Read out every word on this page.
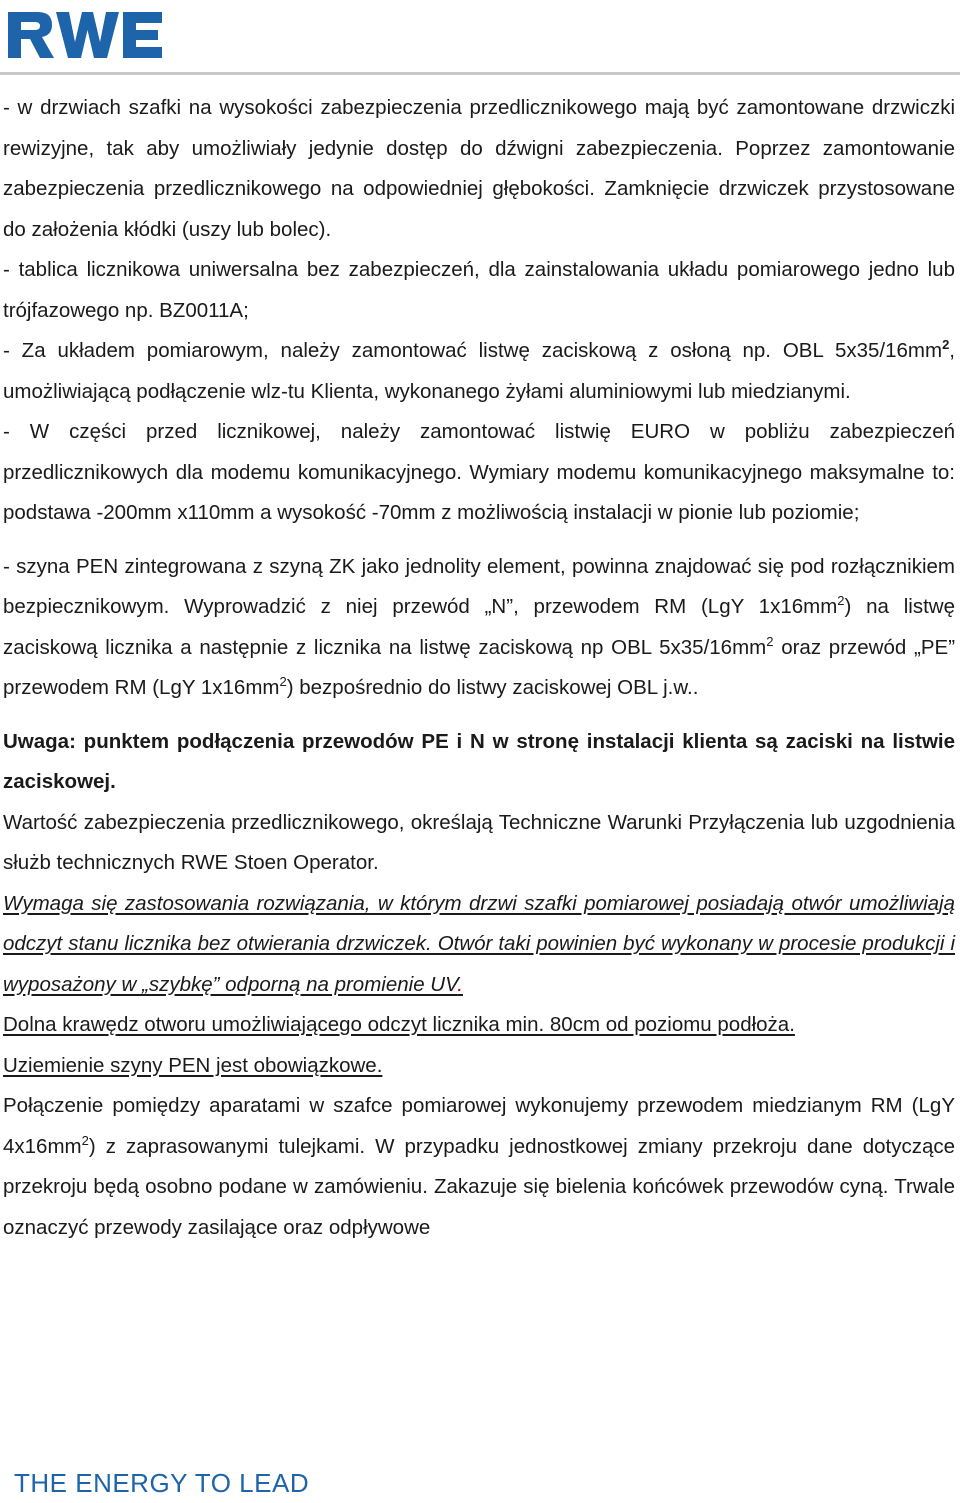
- w drzwiach szafki na wysokości zabezpieczenia przedlicznikowego mają być zamontowane drzwiczki rewizyjne, tak aby umożliwiały jedynie dostęp do dźwigni zabezpieczenia. Poprzez zamontowanie zabezpieczenia przedlicznikowego na odpowiedniej głębokości. Zamknięcie drzwiczek przystosowane do założenia kłódki (uszy lub bolec).

- tablica licznikowa uniwersalna bez zabezpieczeń, dla zainstalowania układu pomiarowego jedno lub trójfazowego np. BZ0011A;

- Za układem pomiarowym, należy zamontować listwę zaciskową z osłoną np. OBL $5x35/16mm^2$, umożliwiającą podłączenie wlz-tu Klienta, wykonanego żyłami aluminiowymi lub miedzianymi.

- W części przed licznikowej, należy zamontować listwię EURO w pobliżu zabezpieczeń przedlicznikowych dla modemu komunikacyjnego. Wymiary modemu komunikacyjnego maksymalne to: podstawa -200mm x110mm a wysokość -70mm z możliwością instalacji w pionie lub poziomie;

- szyna PEN zintegrowana z szyną ZK jako jednolity element, powinna znajdować się pod rozłącznikiem bezpiecznikowym. Wyprowadzić z niej przewód „N”, przewodem RM (LgY $1x16mm^2$) na listwę zaciskową licznika a następnie z licznika na listwę zaciskową np OBL $5x35/16mm^2$ oraz przewód „PE” przewodem RM (LgY $1x16mm^2$) bezpośrednio do listwy zaciskowej OBL j.w..

Uwaga: punktem podłączenia przewodów PE i N w stronę instalacji klienta są zaciski na listwie zaciskowej.

Wartość zabezpieczenia przedlicznikowego, określają Techniczne Warunki Przyłączenia lub uzgodnienia służb technicznych RWE Stoen Operator.

Wymaga się zastosowania rozwiązania, w którym drzwi szafki pomiarowej posiadają otwór umożliwiają odczyt stanu licznika bez otwierania drzwiczek. Otwór taki powinien być wykonany w procesie produkcji i wyposażony w „szybkę” odporną na promienie UV.

Dolna krawędz otworu umożliwiającego odczyt licznika min. 80cm od poziomu podłoża.

Uziemienie szyny PEN jest obowiązkowe.

Połączenie pomiędzy aparatami w szafce pomiarowej wykonujemy przewodem miedzianym RM (LgY $4x16mm^2$) z zaprasowanymi tulejkami. W przypadku jednostkowej zmiany przekroju dane dotyczące przekroju będą osobno podane w zamówieniu. Zakazuje się bielenia końcówek przewodów cyną. Trwale oznaczyć przewody zasilające oraz odpływowe

THE ENERGY TO LEAD
